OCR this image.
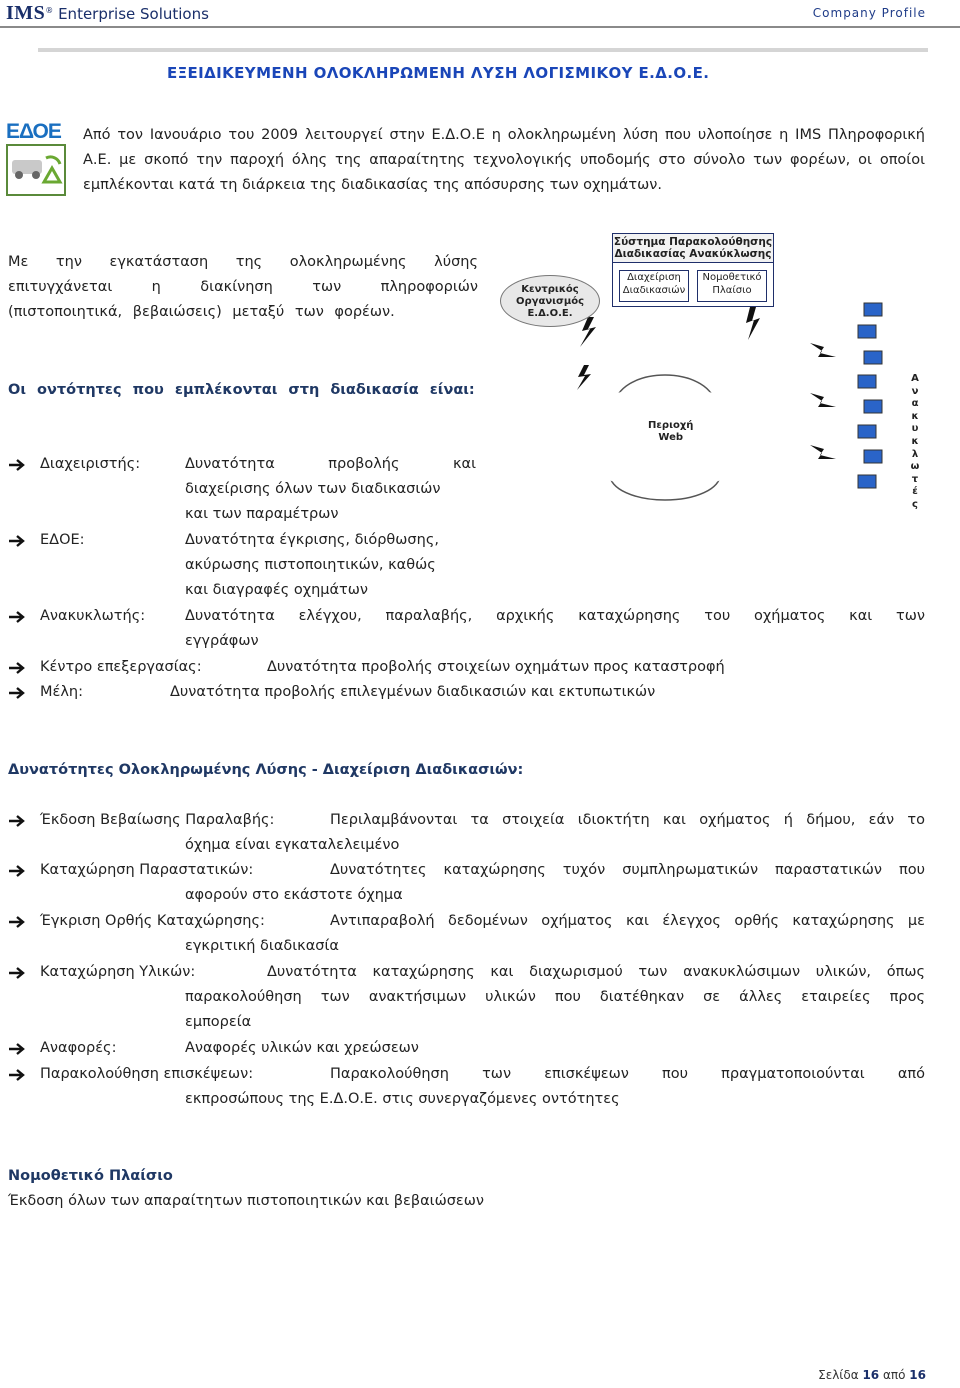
IMS® Enterprise Solutions	Company Profile
ΕΞΕΙΔΙΚΕΥΜΕΝΗ ΟΛΟΚΛΗΡΩΜΕΝΗ ΛΥΣΗ ΛΟΓΙΣΜΙΚΟΥ Ε.Δ.Ο.Ε.
ΕΔΟΕ	Από τον Ιανουάριο του 2009 λειτουργεί στην Ε.Δ.Ο.Ε η ολοκληρωμένη λύση που υλοποίησε η IMS Πληροφορική Α.Ε. με σκοπό την παροχή όλης της απαραίτητης τεχνολογικής υποδομής στο σύνολο των φορέων, οι οποίοι εμπλέκονται κατά τη διάρκεια της διαδικασίας της απόσυρσης των οχημάτων.
Με την εγκατάσταση της ολοκληρωμένης λύσης επιτυγχάνεται η διακίνηση των πληροφοριών (πιστοποιητικά, βεβαιώσεις) μεταξύ των φορέων.
Σύστημα Παρακολούθησης
Διαδικασίας Ανακύκλωσης
Διαχείριση
Διαδικασιών
Νομοθετικό
Πλαίσιο
Κεντρικός
Οργανισμός
Ε.Δ.Ο.Ε.
Περιοχή
Web
Α
ν
α
κ
υ
κ
λ
ω
τ
έ
ς
Οι οντότητες που εμπλέκονται στη διαδικασία είναι:
Διαχειριστής:	Δυνατότητα προβολής και
διαχείρισης όλων των διαδικασιών
και των παραμέτρων
ΕΔΟΕ:	Δυνατότητα έγκρισης, διόρθωσης,
ακύρωσης πιστοποιητικών, καθώς
και διαγραφές οχημάτων
Ανακυκλωτής:	Δυνατότητα ελέγχου, παραλαβής, αρχικής καταχώρησης του οχήματος και των
εγγράφων
Κέντρο επεξεργασίας:	Δυνατότητα προβολής στοιχείων οχημάτων προς καταστροφή
Μέλη:	Δυνατότητα προβολής επιλεγμένων διαδικασιών και εκτυπωτικών
Δυνατότητες Ολοκληρωμένης Λύσης - Διαχείριση Διαδικασιών:
Έκδοση Βεβαίωσης Παραλαβής:	Περιλαμβάνονται τα στοιχεία ιδιοκτήτη και οχήματος ή δήμου, εάν το
όχημα είναι εγκαταλελειμένο
Καταχώρηση Παραστατικών:	Δυνατότητες καταχώρησης τυχόν συμπληρωματικών παραστατικών που
αφορούν στο εκάστοτε όχημα
Έγκριση Ορθής Καταχώρησης:	Αντιπαραβολή δεδομένων οχήματος και έλεγχος ορθής καταχώρησης με
εγκριτική διαδικασία
Καταχώρηση Υλικών:	Δυνατότητα καταχώρησης και διαχωρισμού των ανακυκλώσιμων υλικών, όπως
παρακολούθηση των ανακτήσιμων υλικών που διατέθηκαν σε άλλες εταιρείες προς
εμπορεία
Αναφορές:	Αναφορές υλικών και χρεώσεων
Παρακολούθηση επισκέψεων:	Παρακολούθηση των επισκέψεων που πραγματοποιούνται από
εκπροσώπους της Ε.Δ.Ο.Ε. στις συνεργαζόμενες οντότητες
Νομοθετικό Πλαίσιο
Έκδοση όλων των απαραίτητων πιστοποιητικών και βεβαιώσεων
Σελίδα 16 από 16
